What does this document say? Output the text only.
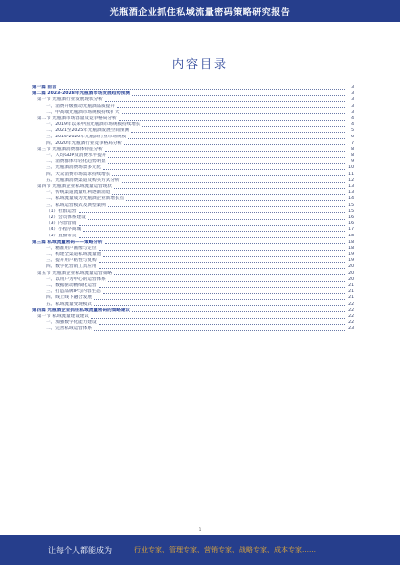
光瓶酒企业抓住私域流量密码策略研究报告
内容目录
第一篇 前言	3
第二篇 2023-2028年光瓶酒市场发展趋势预测	3
第一节 光瓶酒行业发展现状分析	3
一、消费升级推动光瓶酒品质提升	3
二、中高端光瓶酒市场规模持续扩大	3
第二节 光瓶酒市场容量及竞争格局分析	4
一、2019年以来中国光瓶酒市场规模持续增长	4
二、2021至2025年光瓶酒发展空间预测	5
三、2014-2020年光瓶酒行业市场规模	6
四、2020年光瓶酒行业竞争格局分析	7
第三节 光瓶酒消费群体特征分析	8
一、人均GDP及消费水平提升	8
二、消费群体年轻化趋势明显	9
三、光瓶酒消费场景多元化	10
四、大众消费市场需求持续增长	11
五、光瓶酒消费渠道及购买方式分析	12
第四节 光瓶酒企业私域流量运营现状	13
一、传统渠道流量红利逐渐消退	13
二、私域流量成为光瓶酒企业新增长点	14
三、私域运营模式及典型案例	15
（1）社群运营	15
（2）会员体系建设	16
（3）内容营销	16
（4）小程序商城	17
（5）直播带货	18
第三篇 私域流量密码——策略分析	18
一、精准用户画像与定位	18
二、构建全渠道私域流量池	19
三、提升用户粘性与复购	19
四、数字化营销工具应用	20
第五节 光瓶酒企业私域流量运营策略	20
一、以用户为中心的运营体系	20
二、数据驱动精细化运营	21
三、打造品牌IP与内容生态	21
四、线上线下融合发展	21
五、私域流量变现模式	22
第四篇 光瓶酒企业抓住私域流量密码的策略建议	22
第一节 私域流量建设建议	22
一、加强数字化能力建设	22
二、完善私域运营体系	23
1
让每个人都能成为	行业专家、管理专家、营销专家、战略专家、成本专家……
